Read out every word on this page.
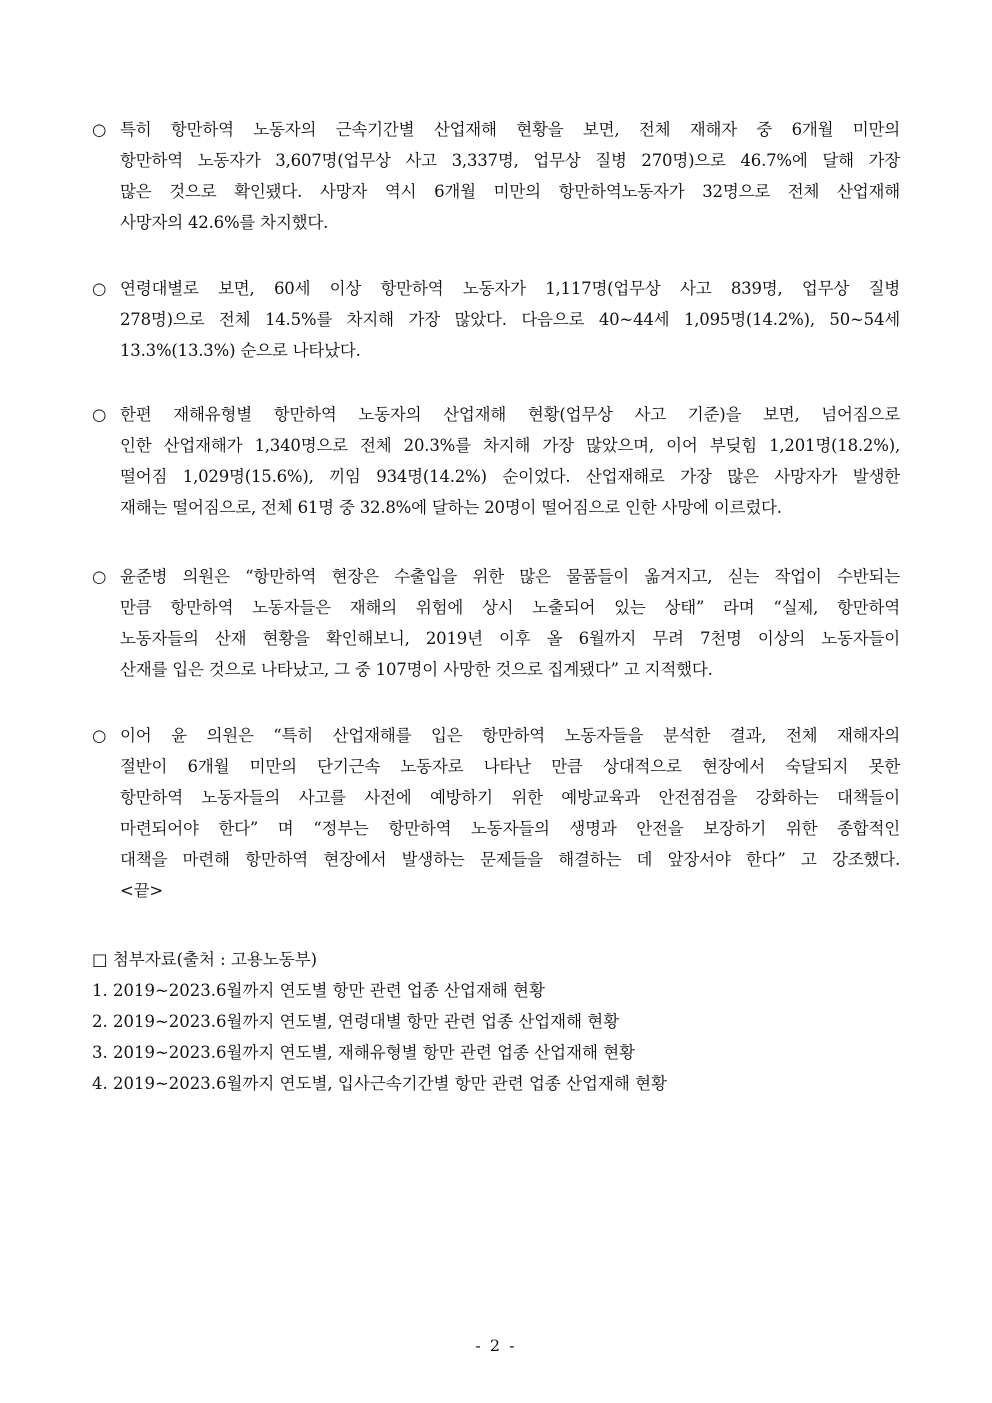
○ 특히 항만하역 노동자의 근속기간별 산업재해 현황을 보면, 전체 재해자 중 6개월 미만의
항만하역 노동자가 3,607명(업무상 사고 3,337명, 업무상 질병 270명)으로 46.7%에 달해 가장
많은 것으로 확인됐다. 사망자 역시 6개월 미만의 항만하역노동자가 32명으로 전체 산업재해
사망자의 42.6%를 차지했다.
○ 연령대별로 보면, 60세 이상 항만하역 노동자가 1,117명(업무상 사고 839명, 업무상 질병
278명)으로 전체 14.5%를 차지해 가장 많았다. 다음으로 40~44세 1,095명(14.2%), 50~54세
13.3%(13.3%) 순으로 나타났다.
○ 한편 재해유형별 항만하역 노동자의 산업재해 현황(업무상 사고 기준)을 보면, 넘어짐으로
인한 산업재해가 1,340명으로 전체 20.3%를 차지해 가장 많았으며, 이어 부딪힘 1,201명(18.2%),
떨어짐 1,029명(15.6%), 끼임 934명(14.2%) 순이었다. 산업재해로 가장 많은 사망자가 발생한
재해는 떨어짐으로, 전체 61명 중 32.8%에 달하는 20명이 떨어짐으로 인한 사망에 이르렀다.
○ 윤준병 의원은 “항만하역 현장은 수출입을 위한 많은 물품들이 옮겨지고, 싣는 작업이 수반되는
만큼 항만하역 노동자들은 재해의 위험에 상시 노출되어 있는 상태” 라며 “실제, 항만하역
노동자들의 산재 현황을 확인해보니, 2019년 이후 올 6월까지 무려 7천명 이상의 노동자들이
산재를 입은 것으로 나타났고, 그 중 107명이 사망한 것으로 집계됐다” 고 지적했다.
○ 이어 윤 의원은 “특히 산업재해를 입은 항만하역 노동자들을 분석한 결과, 전체 재해자의
절반이 6개월 미만의 단기근속 노동자로 나타난 만큼 상대적으로 현장에서 숙달되지 못한
항만하역 노동자들의 사고를 사전에 예방하기 위한 예방교육과 안전점검을 강화하는 대책들이
마련되어야 한다” 며 “정부는 항만하역 노동자들의 생명과 안전을 보장하기 위한 종합적인
대책을 마련해 항만하역 현장에서 발생하는 문제들을 해결하는 데 앞장서야 한다” 고 강조했다.
<끝>
□ 첨부자료(출처 : 고용노동부)
1. 2019~2023.6월까지 연도별 항만 관련 업종 산업재해 현황
2. 2019~2023.6월까지 연도별, 연령대별 항만 관련 업종 산업재해 현황
3. 2019~2023.6월까지 연도별, 재해유형별 항만 관련 업종 산업재해 현황
4. 2019~2023.6월까지 연도별, 입사근속기간별 항만 관련 업종 산업재해 현황
- 2 -
